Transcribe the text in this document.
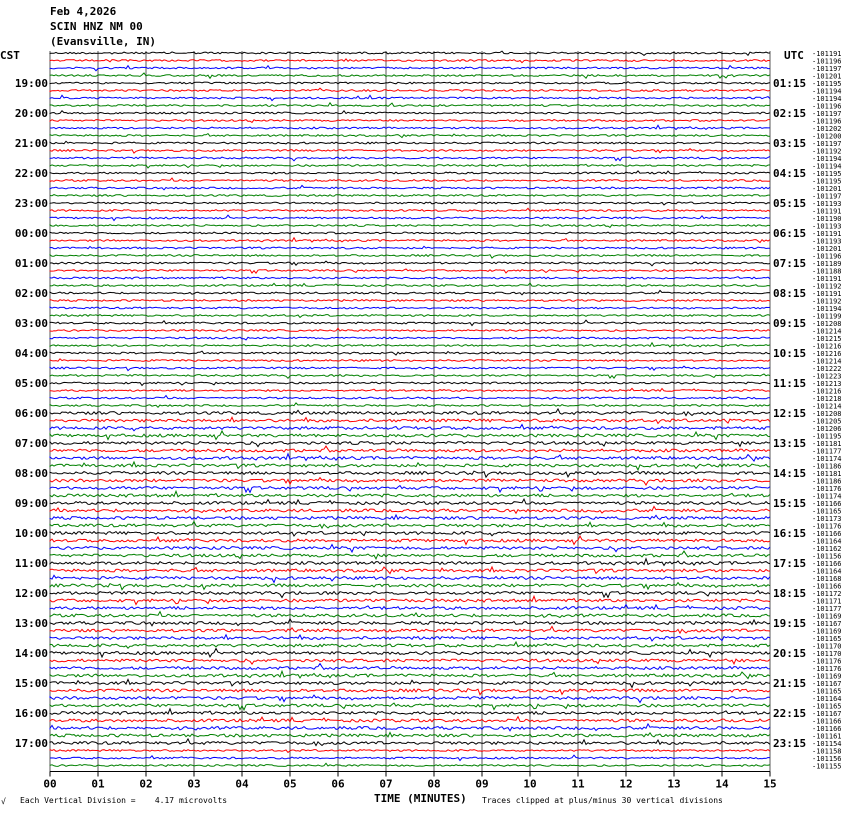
Feb 4,2026
SCIN HNZ NM 00
(Evansville, IN)
CST	UTC
00	01	02	03	04	05	06	07	08	09	10	11	12	13	14	15
-101191
-101196
-101197
-101201
-101195
-101194
-101194
-101196
-101197
-101196
-101202
-101200
-101197
-101192
-101194
-101194
-101195
-101195
-101201
-101197
-101193
-101191
-101190
-101193
-101191
-101193
-101201
-101196
-101189
-101188
-101191
-101192
-101191
-101192
-101194
-101199
-101208
-101214
-101215
-101216
-101216
-101214
-101222
-101223
-101213
-101216
-101218
-101214
-101208
-101205
-101206
-101195
-101181
-101177
-101174
-101186
-101181
-101186
-101176
-101174
-101166
-101165
-101173
-101176
-101166
-101164
-101162
-101156
-101166
-101164
-101168
-101166
-101172
-101171
-101177
-101169
-101167
-101169
-101165
-101170
-101170
-101176
-101176
-101169
-101167
-101165
-101164
-101165
-101167
-101166
-101166
-101161
-101154
-101158
-101156
-101155
19:00
20:00
21:00
22:00
23:00
00:00
01:00
02:00
03:00
04:00
05:00
06:00
07:00
08:00
09:00
10:00
11:00
12:00
13:00
14:00
15:00
16:00
17:00
01:15
02:15
03:15
04:15
05:15
06:15
07:15
08:15
09:15
10:15
11:15
12:15
13:15
14:15
15:15
16:15
17:15
18:15
19:15
20:15
21:15
22:15
23:15
TIME (MINUTES)
√ Each Vertical Division =    4.17 microvolts	Traces clipped at plus/minus 30 vertical divisions
